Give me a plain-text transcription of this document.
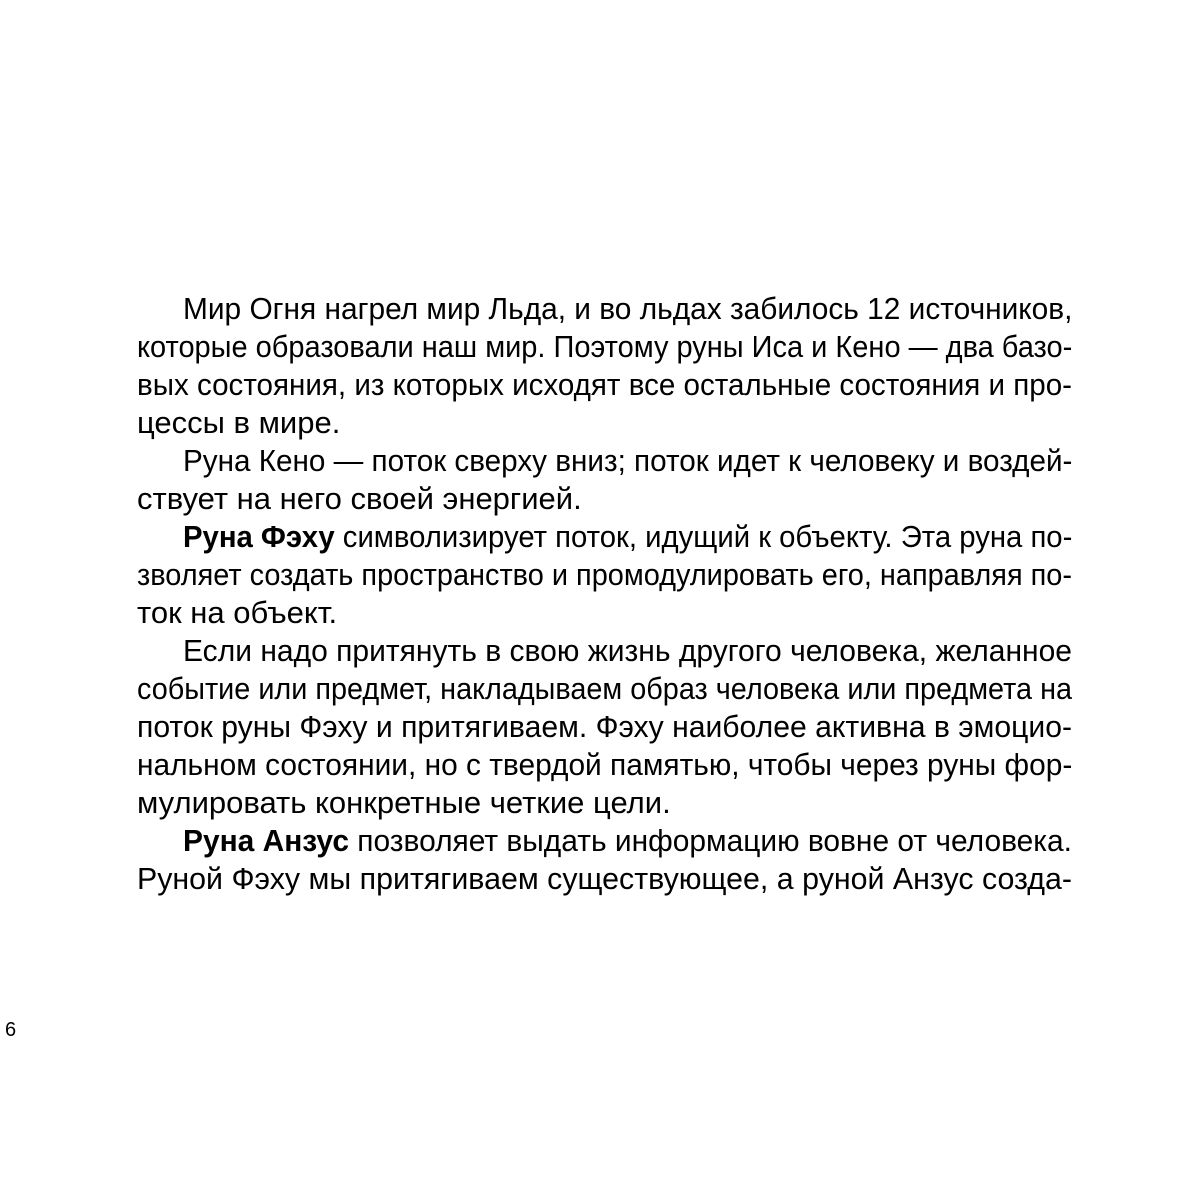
Мир Огня нагрел мир Льда, и во льдах забилось 12 источников,
которые образовали наш мир. Поэтому руны Иса и Кено — два базо-
вых состояния, из которых исходят все остальные состояния и про-
цессы в мире.
Руна Кено — поток сверху вниз; поток идет к человеку и воздей-
ствует на него своей энергией.
Руна Фэху символизирует поток, идущий к объекту. Эта руна по-
зволяет создать пространство и промодулировать его, направляя по-
ток на объект.
Если надо притянуть в свою жизнь другого человека, желанное
событие или предмет, накладываем образ человека или предмета на
поток руны Фэху и притягиваем. Фэху наиболее активна в эмоцио-
нальном состоянии, но с твердой памятью, чтобы через руны фор-
мулировать конкретные четкие цели.
Руна Анзус позволяет выдать информацию вовне от человека.
Руной Фэху мы притягиваем существующее, а руной Анзус созда-
6
